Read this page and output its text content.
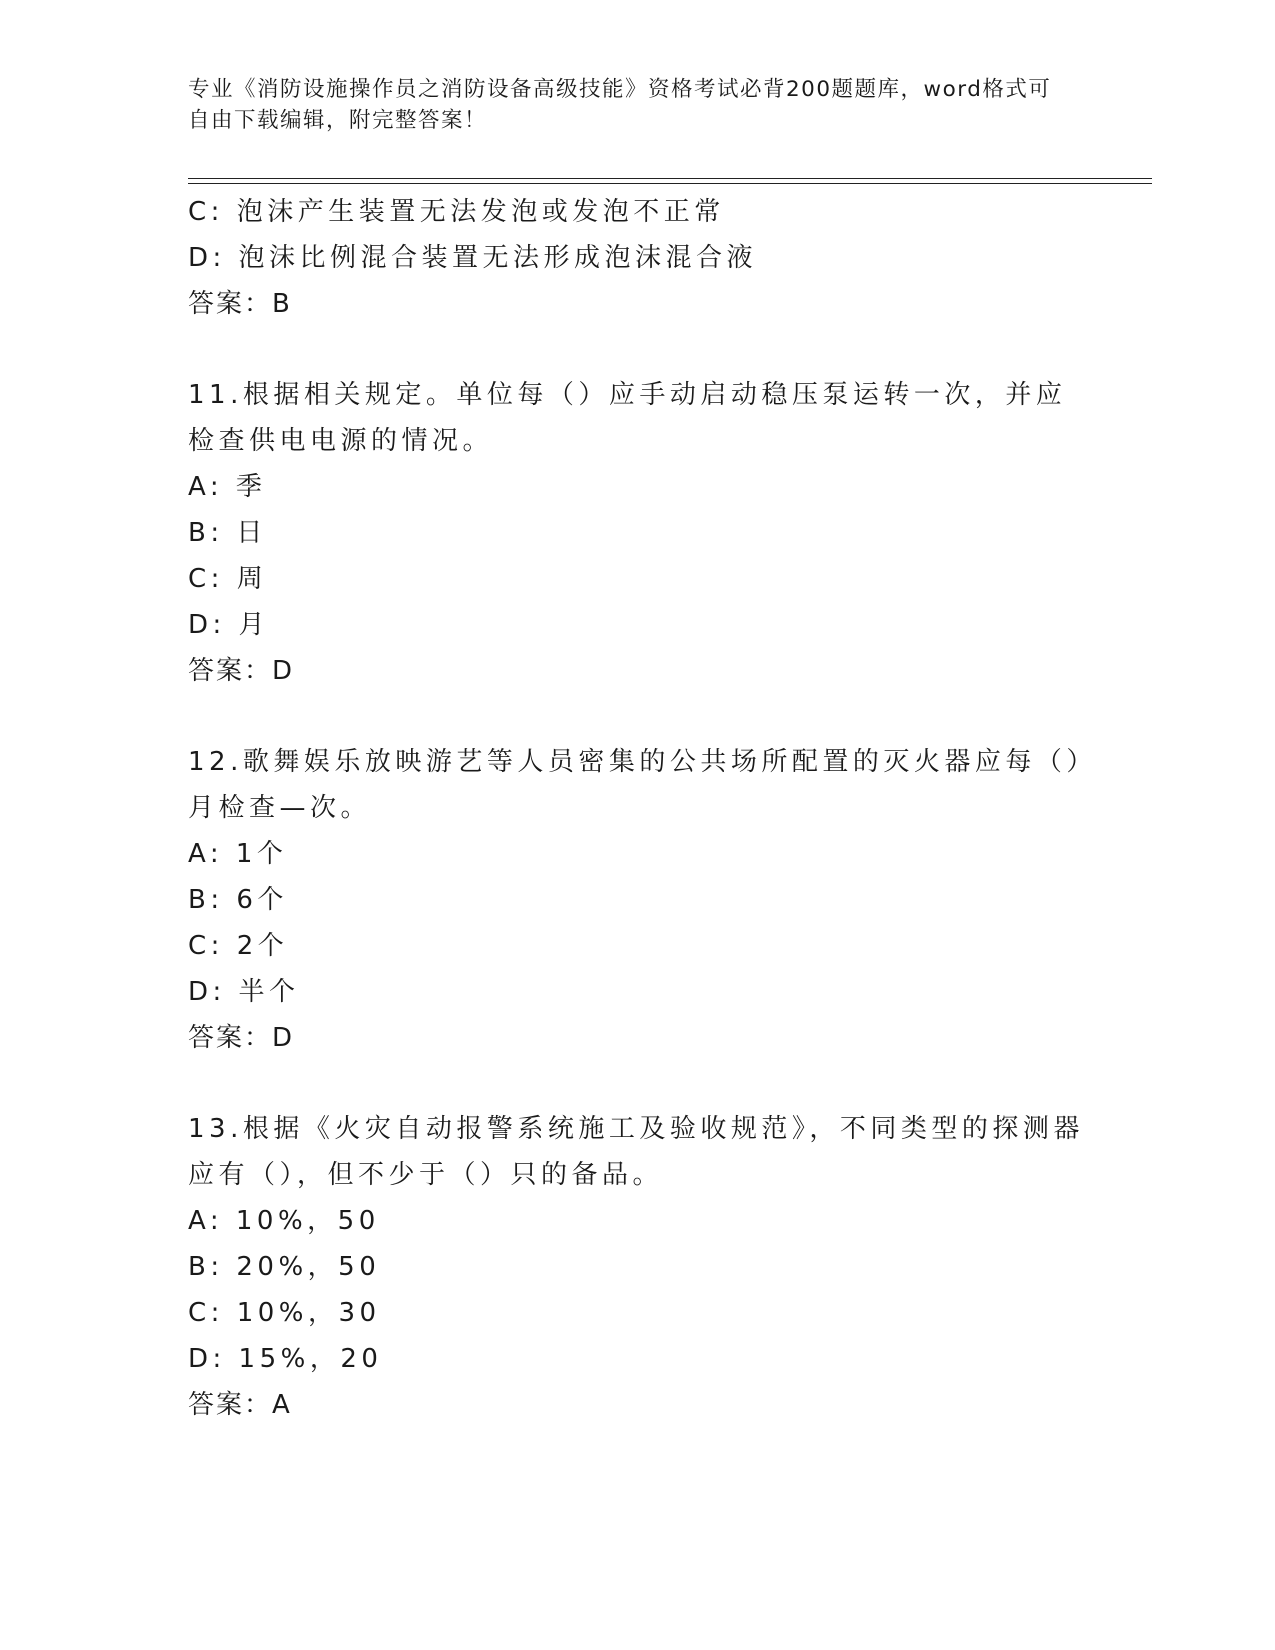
专业《消防设施操作员之消防设备高级技能》资格考试必背200题题库，word格式可自由下载编辑，附完整答案！
C: 泡沫产生装置无法发泡或发泡不正常
D: 泡沫比例混合装置无法形成泡沫混合液
答案：B
11.根据相关规定。单位每（）应手动启动稳压泵运转一次，并应检查供电电源的情况。
A: 季
B: 日
C: 周
D: 月
答案：D
12.歌舞娱乐放映游艺等人员密集的公共场所配置的灭火器应每（）月检查—次。
A: 1个
B: 6个
C: 2个
D: 半个
答案：D
13.根据《火灾自动报警系统施工及验收规范》，不同类型的探测器应有（），但不少于（）只的备品。
A: 10%，50
B: 20%，50
C: 10%，30
D: 15%，20
答案：A
